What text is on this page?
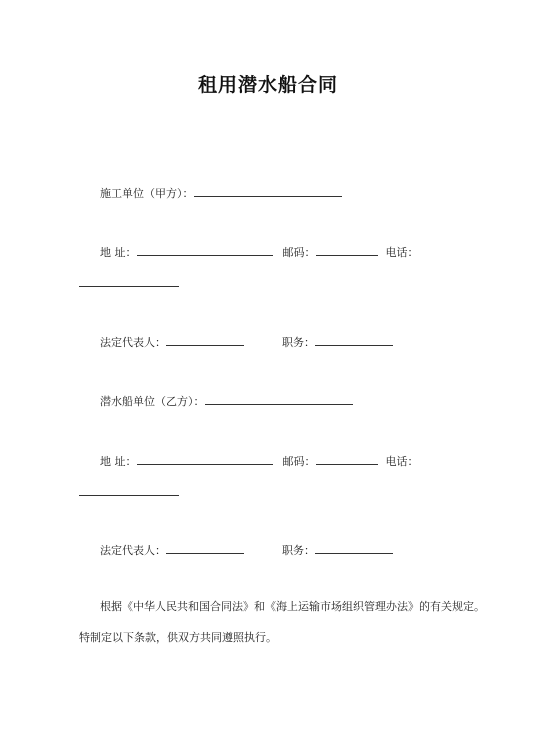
租用潜水船合同
施工单位（甲方）：
地 址：	邮码：	电话：
法定代表人：	职务：
潜水船单位（乙方）：
地 址：	邮码：	电话：
法定代表人：	职务：
根据《中华人民共和国合同法》和《海上运输市场组织管理办法》的有关规定。
特制定以下条款，供双方共同遵照执行。
